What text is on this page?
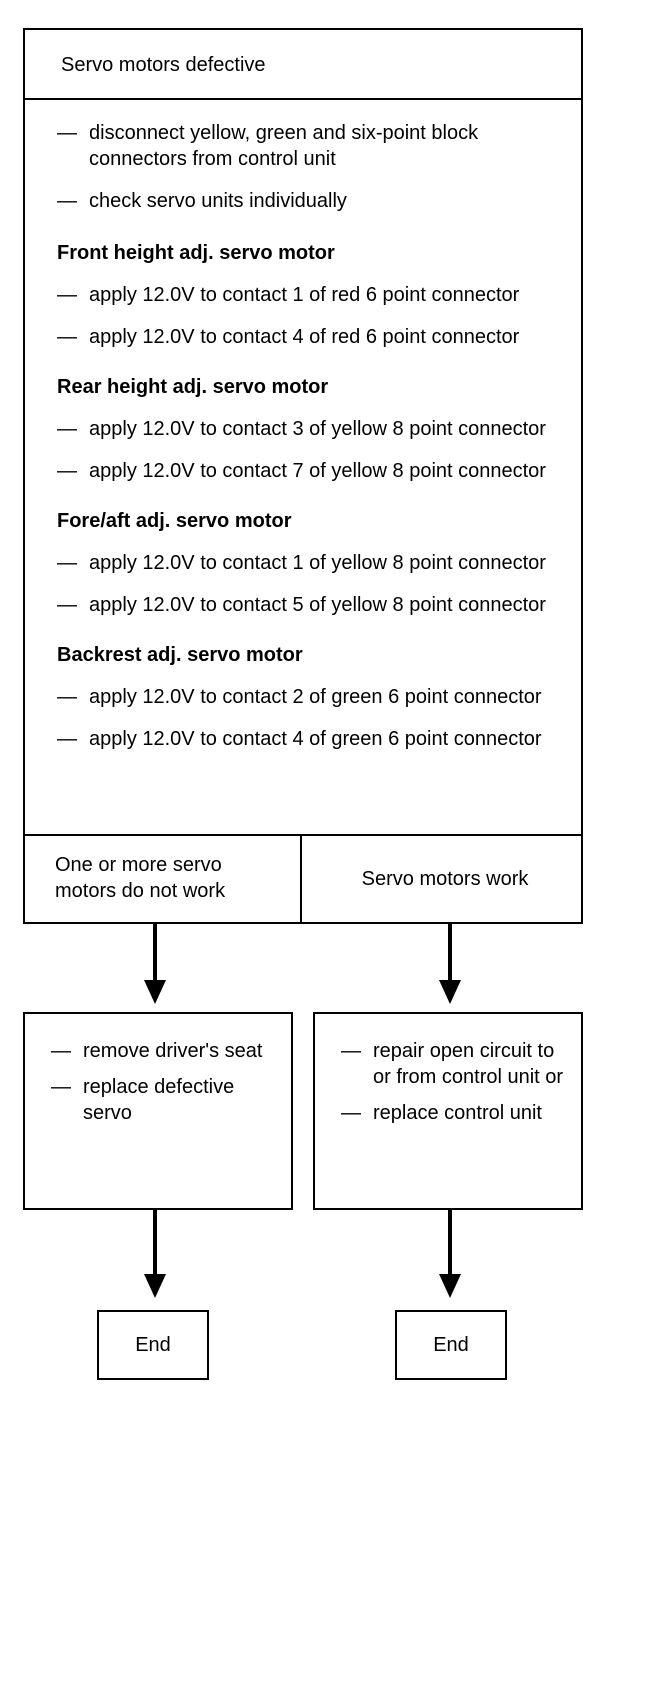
Servo motors defective
— disconnect yellow, green and six-point block connectors from control unit
— check servo units individually
Front height adj. servo motor
— apply 12.0V to contact 1 of red 6 point connector
— apply 12.0V to contact 4 of red 6 point connector
Rear height adj. servo motor
— apply 12.0V to contact 3 of yellow 8 point connector
— apply 12.0V to contact 7 of yellow 8 point connector
Fore/aft adj. servo motor
— apply 12.0V to contact 1 of yellow 8 point connector
— apply 12.0V to contact 5 of yellow 8 point connector
Backrest adj. servo motor
— apply 12.0V to contact 2 of green 6 point connector
— apply 12.0V to contact 4 of green 6 point connector
One or more servo motors do not work
Servo motors work
— remove driver's seat
— replace defective servo
— repair open circuit to or from control unit or
— replace control unit
End	End
